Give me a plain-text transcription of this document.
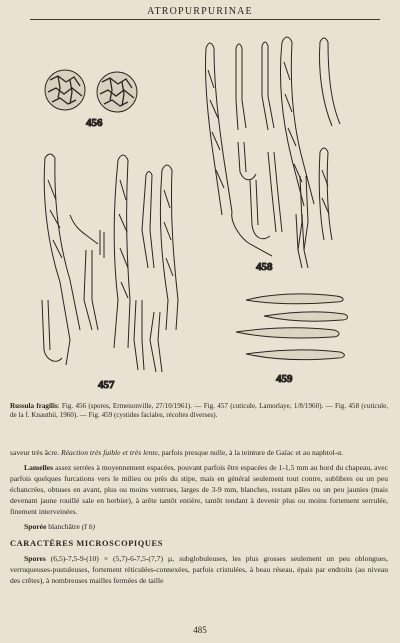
ATROPURPURINAE
457
458
456
459
Russula fragilis: Fig. 456 (spores, Ermenonville, 27/10/1961). — Fig. 457 (cuticule, Lamorlaye, 1/8/1960). — Fig. 458 (cuticule, de la f. Knauthii, 1960). — Fig. 459 (cystides faciales, récoltes diverses).

saveur très âcre. Réaction très faible et très lente, parfois presque nulle, à la teinture de Gaïac et au naphtol-α.

Lamelles assez serrées à moyennement espacées, pouvant parfois être espacées de 1-1,5 mm au bord du chapeau, avec parfois quelques furcations vers le milieu ou près du stipe, mais en général seulement tout contre, sublibres ou un peu échancrées, obtuses en avant, plus ou moins ventrues, larges de 3-9 mm, blanches, restant pâles ou un peu jaunies (mais devenant jaune rouillé sale en herbier), à arête tantôt entière, tantôt tendant à devenir plus ou moins fortement serrulée, finement interveinées.

Sporée blanchâtre (I b)

CARACTÈRES MICROSCOPIQUES

Spores (6,5)-7,5-9-(10) × (5,7)-6-7,5-(7,7) µ, subglobuleuses, les plus grosses seulement un peu oblongues, verruqueuses-pustuleuses, fortement réticulées-connexées, parfois cristulées, à beau réseau, épais par endroits (au niveau des crêtes), à nombreuses mailles fermées de taille

485
